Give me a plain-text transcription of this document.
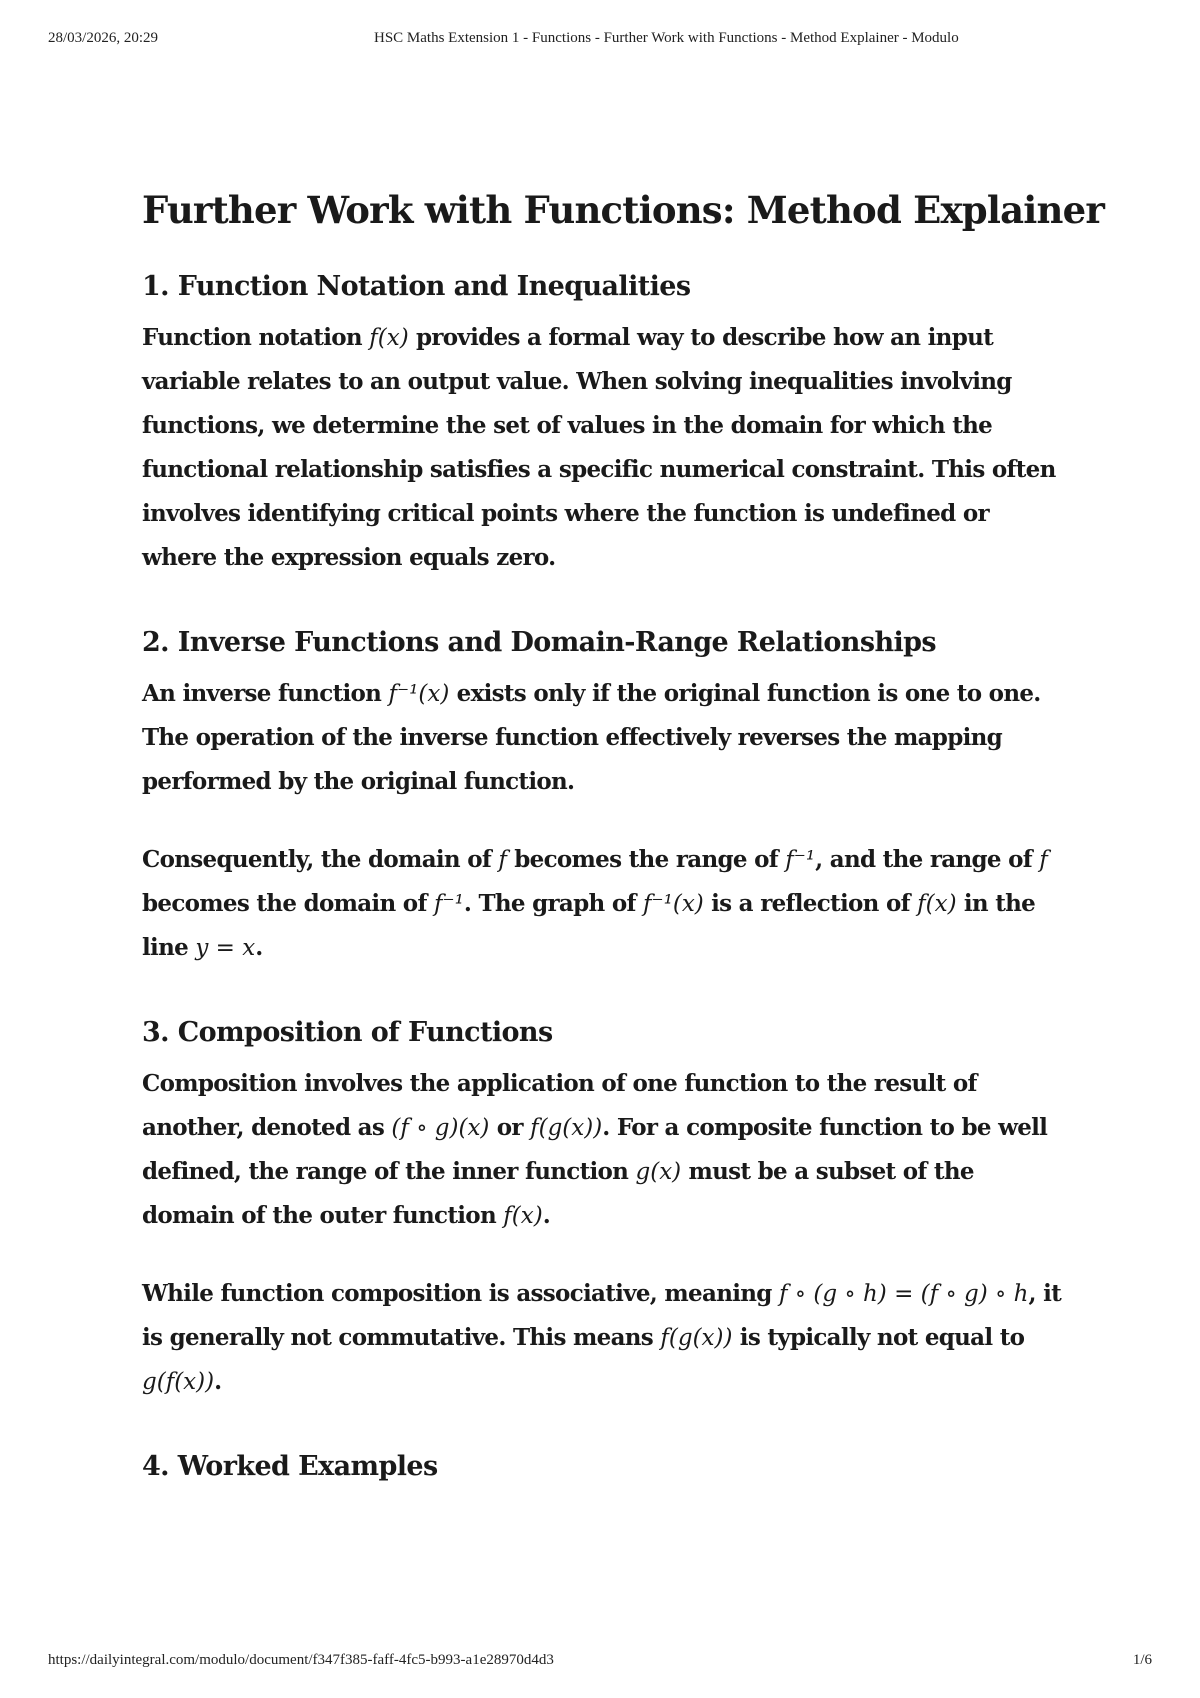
28/03/2026, 20:29	HSC Maths Extension 1 - Functions - Further Work with Functions - Method Explainer - Modulo
Further Work with Functions: Method Explainer
1. Function Notation and Inequalities

Function notation f(x) provides a formal way to describe how an input variable relates to an output value. When solving inequalities involving functions, we determine the set of values in the domain for which the functional relationship satisfies a specific numerical constraint. This often involves identifying critical points where the function is undefined or where the expression equals zero.

2. Inverse Functions and Domain-Range Relationships

An inverse function f⁻¹(x) exists only if the original function is one to one. The operation of the inverse function effectively reverses the mapping performed by the original function.

Consequently, the domain of f becomes the range of f⁻¹, and the range of f becomes the domain of f⁻¹. The graph of f⁻¹(x) is a reflection of f(x) in the line y = x.

3. Composition of Functions

Composition involves the application of one function to the result of another, denoted as (f ∘ g)(x) or f(g(x)). For a composite function to be well defined, the range of the inner function g(x) must be a subset of the domain of the outer function f(x).

While function composition is associative, meaning f ∘ (g ∘ h) = (f ∘ g) ∘ h, it is generally not commutative. This means f(g(x)) is typically not equal to g(f(x)).

4. Worked Examples
https://dailyintegral.com/modulo/document/f347f385-faff-4fc5-b993-a1e28970d4d3	1/6
